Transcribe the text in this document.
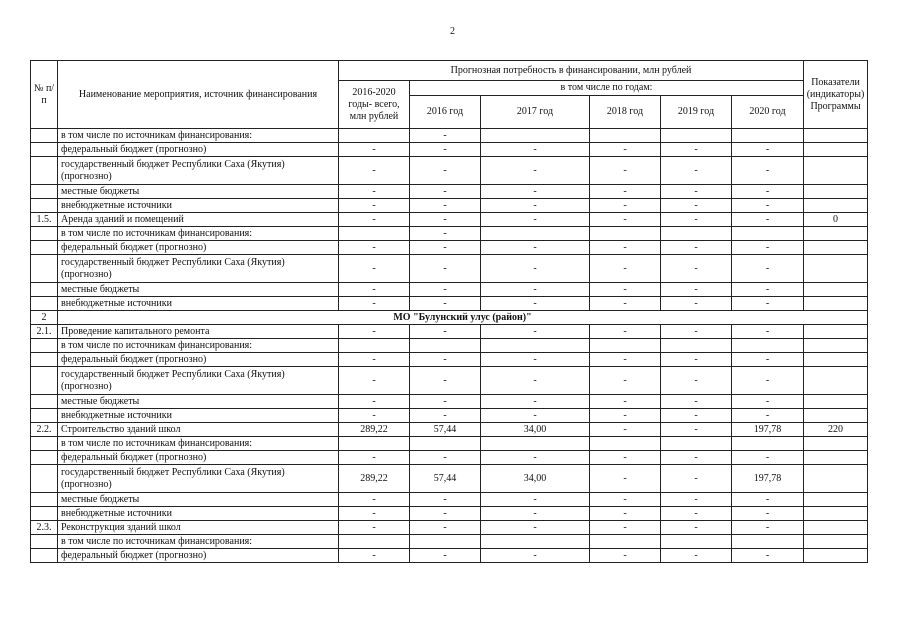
2
№ п/п	Наименование мероприятия, источник финансирования	Прогнозная потребность в финансировании, млн рублей						Показатели (индикаторы) Программы
		2016-2020 годы- всего, млн рублей	в том числе по годам:					
			2016 год	2017 год	2018 год	2019 год	2020 год	
	в том числе по источникам финансирования:		-					
	федеральный бюджет (прогнозно)	-	-	-	-	-	-	
	государственный бюджет Республики Саха (Якутия) (прогнозно)	-	-	-	-	-	-	
	местные бюджеты	-	-	-	-	-	-	
	внебюджетные источники	-	-	-	-	-	-	
1.5.	Аренда зданий и помещений	-	-	-	-	-	-	0
	в том числе по источникам финансирования:		-					
	федеральный бюджет (прогнозно)	-	-	-	-	-	-	
	государственный бюджет Республики Саха (Якутия) (прогнозно)	-	-	-	-	-	-	
	местные бюджеты	-	-	-	-	-	-	
	внебюджетные источники	-	-	-	-	-	-	
2	МО "Булунский улус (район)"							
2.1.	Проведение капитального ремонта	-	-	-	-	-	-	
	в том числе по источникам финансирования:							
	федеральный бюджет (прогнозно)	-	-	-	-	-	-	
	государственный бюджет Республики Саха (Якутия) (прогнозно)	-	-	-	-	-	-	
	местные бюджеты	-	-	-	-	-	-	
	внебюджетные источники	-	-	-	-	-	-	
2.2.	Строительство зданий школ	289,22	57,44	34,00	-	-	197,78	220
	в том числе по источникам финансирования:							
	федеральный бюджет (прогнозно)	-	-	-	-	-	-	
	государственный бюджет Республики Саха (Якутия) (прогнозно)	289,22	57,44	34,00	-	-	197,78	
	местные бюджеты	-	-	-	-	-	-	
	внебюджетные источники	-	-	-	-	-	-	
2.3.	Реконструкция зданий школ	-	-	-	-	-	-	
	в том числе по источникам финансирования:							
	федеральный бюджет (прогнозно)	-	-	-	-	-	-	
